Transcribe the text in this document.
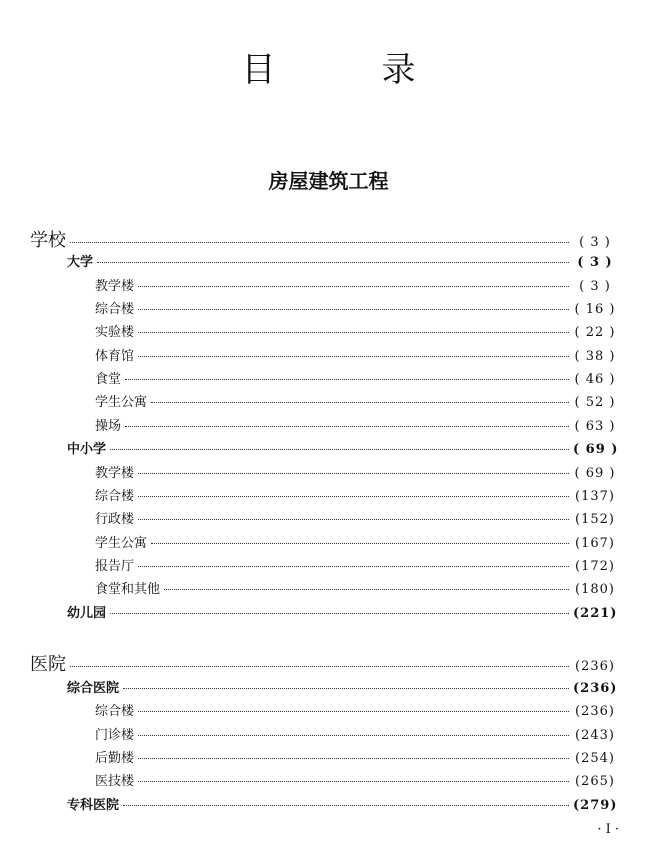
目　录
房屋建筑工程
学校	( 3 )
大学	( 3 )
教学楼	( 3 )
综合楼	( 16 )
实验楼	( 22 )
体育馆	( 38 )
食堂	( 46 )
学生公寓	( 52 )
操场	( 63 )
中小学	( 69 )
教学楼	( 69 )
综合楼	(137)
行政楼	(152)
学生公寓	(167)
报告厅	(172)
食堂和其他	(180)
幼儿园	(221)
医院	(236)
综合医院	(236)
综合楼	(236)
门诊楼	(243)
后勤楼	(254)
医技楼	(265)
专科医院	(279)
· I ·
